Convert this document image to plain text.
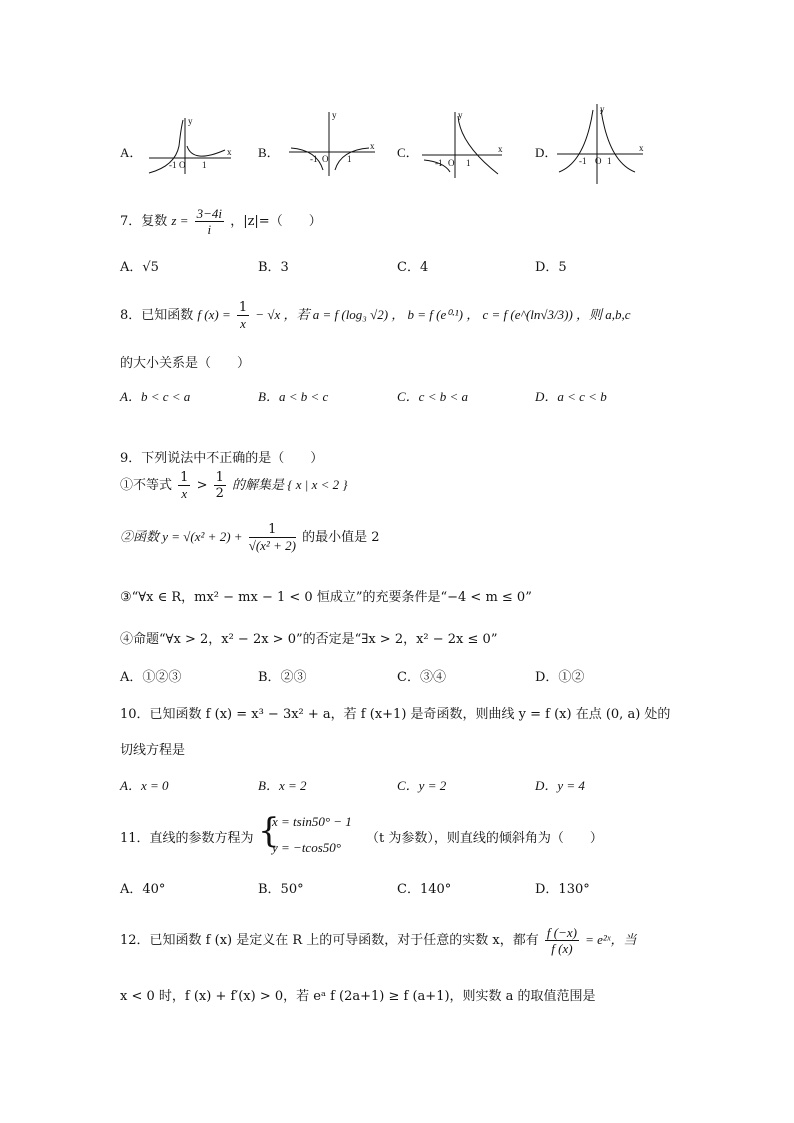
A．
y
x
-1 O 1
B．
y
x
-1 O 1	C．
y
x
-1 O 1
D．
y
x
-1 O 1
7．复数 $z = \frac{3-4i}{i}$ ，|z|=（　　）
A．√5	B．3	C．4	D．5
8．已知函数 f $(x) = \frac{1}{x} - √x$ ，若 a = f (log₃ √2) ， b = f (e⁰·¹) ， c = f (e^(ln√3/3)) ，则 a,b,c
的大小关系是（　　）
A．b < c < a	B．a < b < c	C．c < b < a	D．a < c < b
9．下列说法中不正确的是（　　）
①不等式 $\frac{1}{x} > \frac{1}{2}$ 的解集是 { x | x < 2 }
②函数 $y = √(x^2 + 2) + \frac{1}{\text{√(x² + 2)}}$ 的最小值是 2
③“∀x ∈ R，mx² − mx − 1 < 0 恒成立”的充要条件是“−4 < m ≤ 0”
④命题“∀x > 2，x² − 2x > 0”的否定是“∃x > 2，x² − 2x ≤ 0”
A．①②③	B．②③	C．③④	D．①②
10．已知函数 f (x) = x³ − 3x² + a，若 f (x+1) 是奇函数，则曲线 y = f (x) 在点 (0, a) 处的
切线方程是
A．x = 0	B．x = 2	C．y = 2	D．y = 4
11．直线的参数方程为 {
x = tsin50° − 1
y = −tcos50°
（t 为参数），则直线的倾斜角为（　　）
A．40°	B．50°	C．140°	D．130°
12．已知函数 f (x) 是定义在 R 上的可导函数，对于任意的实数 x，都有 $\frac{f (-x)}{f (x)}$ = e²ˣ，当
x < 0 时，f (x) + f′(x) > 0，若 eᵃ f (2a+1) ≥ f (a+1)，则实数 a 的取值范围是
